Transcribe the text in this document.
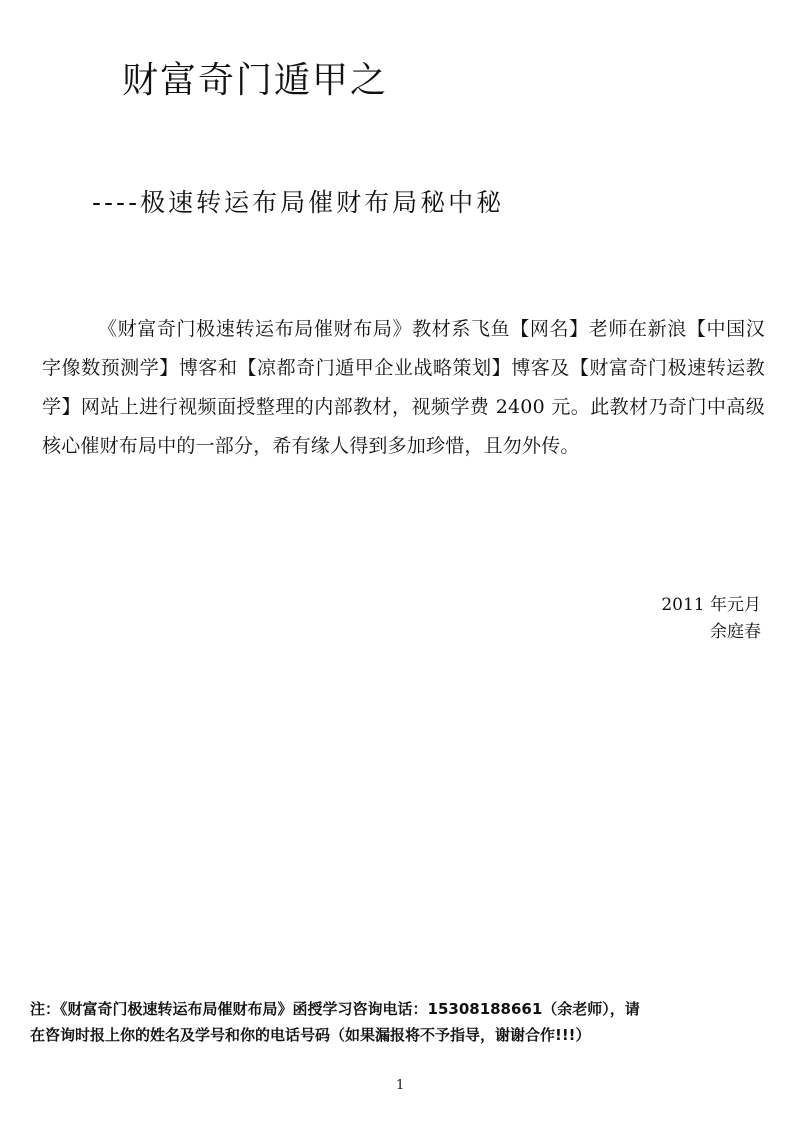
财富奇门遁甲之
----极速转运布局催财布局秘中秘
《财富奇门极速转运布局催财布局》教材系飞鱼【网名】老师在新浪【中国汉字像数预测学】博客和【凉都奇门遁甲企业战略策划】博客及【财富奇门极速转运教学】网站上进行视频面授整理的内部教材，视频学费 2400 元。此教材乃奇门中高级核心催财布局中的一部分，希有缘人得到多加珍惜，且勿外传。
2011 年元月
余庭春
注：《财富奇门极速转运布局催财布局》函授学习咨询电话：15308188661（余老师），请
在咨询时报上你的姓名及学号和你的电话号码（如果漏报将不予指导，谢谢合作!!!）
1
